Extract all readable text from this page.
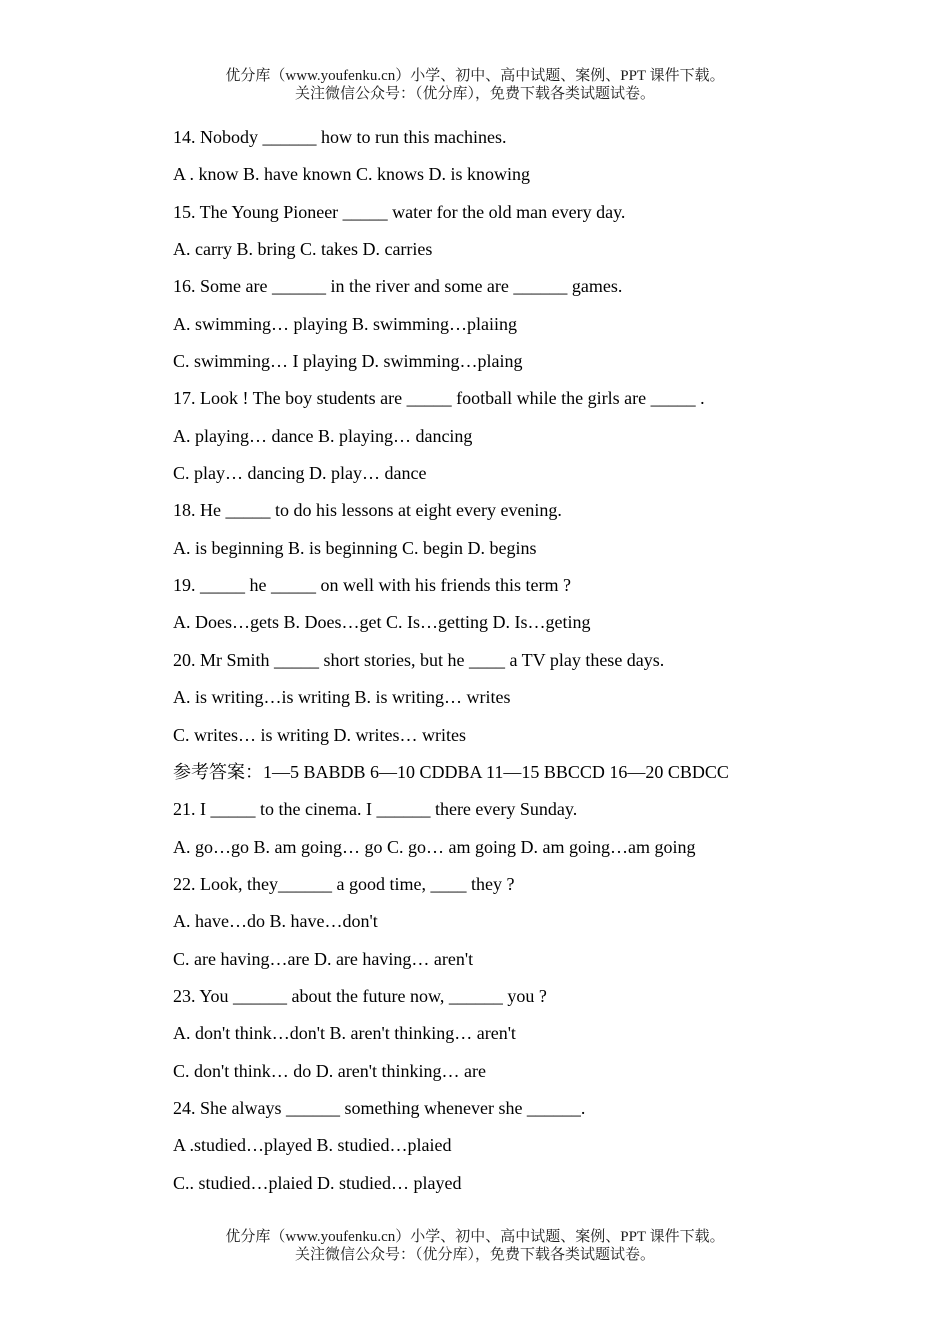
优分库（www.youfenku.cn）小学、初中、高中试题、案例、PPT 课件下载。
关注微信公众号：（优分库），免费下载各类试题试卷。
14. Nobody ______ how to run this machines.
A . know B. have known C. knows D. is knowing
15. The Young Pioneer _____ water for the old man every day.
A. carry B. bring C. takes D. carries
16. Some are ______ in the river and some are ______ games.
A. swimming… playing B. swimming…plaiing
C. swimming… I playing D. swimming…plaing
17. Look ! The boy students are _____ football while the girls are _____ .
A. playing… dance B. playing… dancing
C. play… dancing D. play… dance
18. He _____ to do his lessons at eight every evening.
A. is beginning B. is beginning C. begin D. begins
19. _____ he _____ on well with his friends this term ?
A. Does…gets B. Does…get C. Is…getting D. Is…geting
20. Mr Smith _____ short stories, but he ____ a TV play these days.
A. is writing…is writing B. is writing… writes
C. writes… is writing D. writes… writes
参考答案：1—5 BABDB 6—10 CDDBA 11—15 BBCCD 16—20 CBDCC
21. I _____ to the cinema. I ______ there every Sunday.
A. go…go B. am going… go C. go… am going D. am going…am going
22. Look, they______ a good time, ____ they ?
A. have…do B. have…don't
C. are having…are D. are having… aren't
23. You ______ about the future now, ______ you ?
A. don't think…don't B. aren't thinking… aren't
C. don't think… do D. aren't thinking… are
24. She always ______ something whenever she ______.
A .studied…played B. studied…plaied
C.. studied…plaied D. studied… played
优分库（www.youfenku.cn）小学、初中、高中试题、案例、PPT 课件下载。
关注微信公众号：（优分库），免费下载各类试题试卷。
